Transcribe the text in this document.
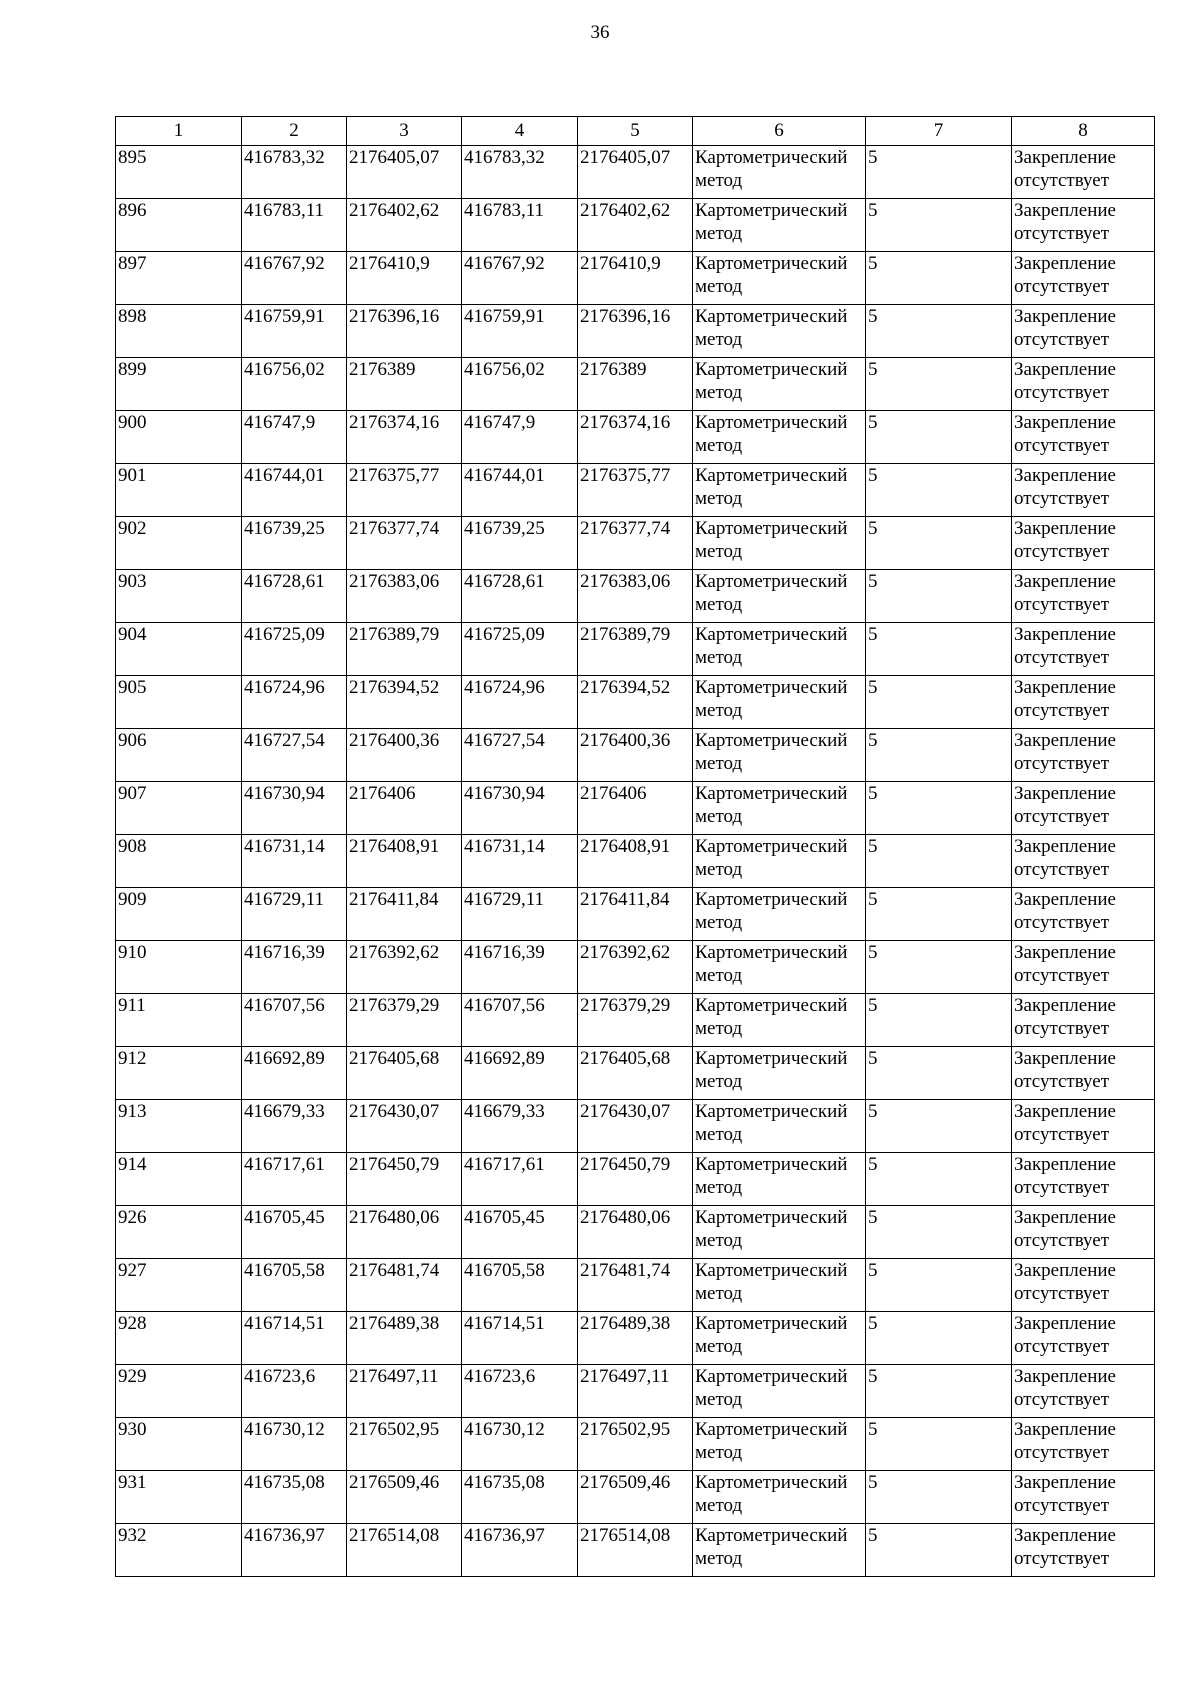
36
1	2	3	4	5	6	7	8
895	416783,32	2176405,07	416783,32	2176405,07	Картометрический метод	5	Закрепление отсутствует
896	416783,11	2176402,62	416783,11	2176402,62	Картометрический метод	5	Закрепление отсутствует
897	416767,92	2176410,9	416767,92	2176410,9	Картометрический метод	5	Закрепление отсутствует
898	416759,91	2176396,16	416759,91	2176396,16	Картометрический метод	5	Закрепление отсутствует
899	416756,02	2176389	416756,02	2176389	Картометрический метод	5	Закрепление отсутствует
900	416747,9	2176374,16	416747,9	2176374,16	Картометрический метод	5	Закрепление отсутствует
901	416744,01	2176375,77	416744,01	2176375,77	Картометрический метод	5	Закрепление отсутствует
902	416739,25	2176377,74	416739,25	2176377,74	Картометрический метод	5	Закрепление отсутствует
903	416728,61	2176383,06	416728,61	2176383,06	Картометрический метод	5	Закрепление отсутствует
904	416725,09	2176389,79	416725,09	2176389,79	Картометрический метод	5	Закрепление отсутствует
905	416724,96	2176394,52	416724,96	2176394,52	Картометрический метод	5	Закрепление отсутствует
906	416727,54	2176400,36	416727,54	2176400,36	Картометрический метод	5	Закрепление отсутствует
907	416730,94	2176406	416730,94	2176406	Картометрический метод	5	Закрепление отсутствует
908	416731,14	2176408,91	416731,14	2176408,91	Картометрический метод	5	Закрепление отсутствует
909	416729,11	2176411,84	416729,11	2176411,84	Картометрический метод	5	Закрепление отсутствует
910	416716,39	2176392,62	416716,39	2176392,62	Картометрический метод	5	Закрепление отсутствует
911	416707,56	2176379,29	416707,56	2176379,29	Картометрический метод	5	Закрепление отсутствует
912	416692,89	2176405,68	416692,89	2176405,68	Картометрический метод	5	Закрепление отсутствует
913	416679,33	2176430,07	416679,33	2176430,07	Картометрический метод	5	Закрепление отсутствует
914	416717,61	2176450,79	416717,61	2176450,79	Картометрический метод	5	Закрепление отсутствует
926	416705,45	2176480,06	416705,45	2176480,06	Картометрический метод	5	Закрепление отсутствует
927	416705,58	2176481,74	416705,58	2176481,74	Картометрический метод	5	Закрепление отсутствует
928	416714,51	2176489,38	416714,51	2176489,38	Картометрический метод	5	Закрепление отсутствует
929	416723,6	2176497,11	416723,6	2176497,11	Картометрический метод	5	Закрепление отсутствует
930	416730,12	2176502,95	416730,12	2176502,95	Картометрический метод	5	Закрепление отсутствует
931	416735,08	2176509,46	416735,08	2176509,46	Картометрический метод	5	Закрепление отсутствует
932	416736,97	2176514,08	416736,97	2176514,08	Картометрический метод	5	Закрепление отсутствует
